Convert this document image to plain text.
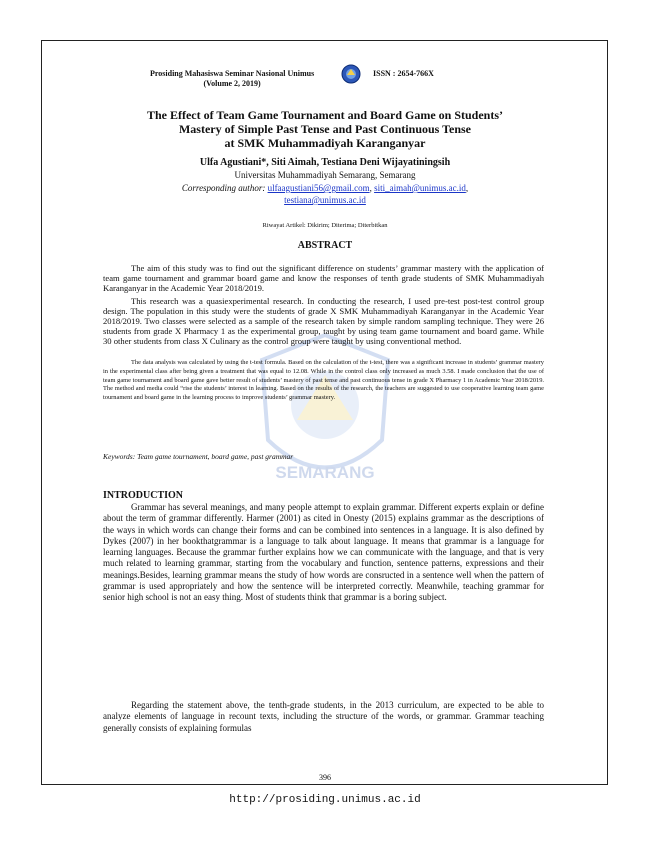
Prosiding Mahasiswa Seminar Nasional Unimus
(Volume 2, 2019)
ISSN : 2654-766X
The Effect of Team Game Tournament and Board Game on Students’
Mastery of Simple Past Tense and Past Continuous Tense
at SMK Muhammadiyah Karanganyar
Ulfa Agustiani*, Siti Aimah, Testiana Deni Wijayatiningsih
Universitas Muhammadiyah Semarang, Semarang
Corresponding author: ulfaagustiani56@gmail.com, siti_aimah@unimus.ac.id,
testiana@unimus.ac.id
Riwayat Artikel: Dikirim; Diterima; Diterbitkan
ABSTRACT
SEMARANG
The aim of this study was to find out the significant difference on students’ grammar mastery with the application of team game tournament and grammar board game and know the responses of tenth grade students of SMK Muhammadiyah Karanganyar in the Academic Year 2018/2019.
This research was a quasiexperimental research. In conducting the research, I used pre-test post-test control group design. The population in this study were the students of grade X SMK Muhammadiyah Karanganyar in the Academic Year 2018/2019. Two classes were selected as a sample of the research taken by simple random sampling technique. They were 26 students from grade X Pharmacy 1 as the experimental group, taught by using team game tournament and board game. While 30 other students from class X Culinary as the control group were taught by using conventional method.
The data analysis was calculated by using the t-test formula. Based on the calculation of the t-test, there was a significant increase in students’ grammar mastery in the experimental class after being given a treatment that was equal to 12.08. While in the control class only increased as much 3.58. I made conclusion that the use of team game tournament and board game gave better result of students’ mastery of past tense and past continuous tense in grade X Pharmacy 1 in Academic Year 2018/2019. The method and media could “rise the students’ interest in learning. Based on the results of the research, the teachers are suggested to use cooperative learning team game tournament and board game in the learning process to improve students’ grammar mastery.
Keywords: Team game tournament, board game, past grammar
INTRODUCTION
Grammar has several meanings, and many people attempt to explain grammar. Different experts explain or define about the term of grammar differently. Harmer (2001) as cited in Onesty (2015) explains grammar as the descriptions of the ways in which words can change their forms and can be combined into sentences in a language. It is also defined by Dykes (2007) in her bookthatgrammar is a language to talk about language. It means that grammar is a language for learning languages. Because the grammar further explains how we can communicate with the language, and that is very much related to learning grammar, starting from the vocabulary and function, sentence patterns, expressions and their meanings.Besides, learning grammar means the study of how words are consructed in a sentence well when the pattern of grammar is used appropriately and how the sentence will be interpreted correctly. Meanwhile, teaching grammar for senior high school is not an easy thing. Most of students think that grammar is a boring subject.
Regarding the statement above, the tenth-grade students, in the 2013 curriculum, are expected to be able to analyze elements of language in recount texts, including the structure of the words, or grammar. Grammar teaching generally consists of explaining formulas
396
http://prosiding.unimus.ac.id
